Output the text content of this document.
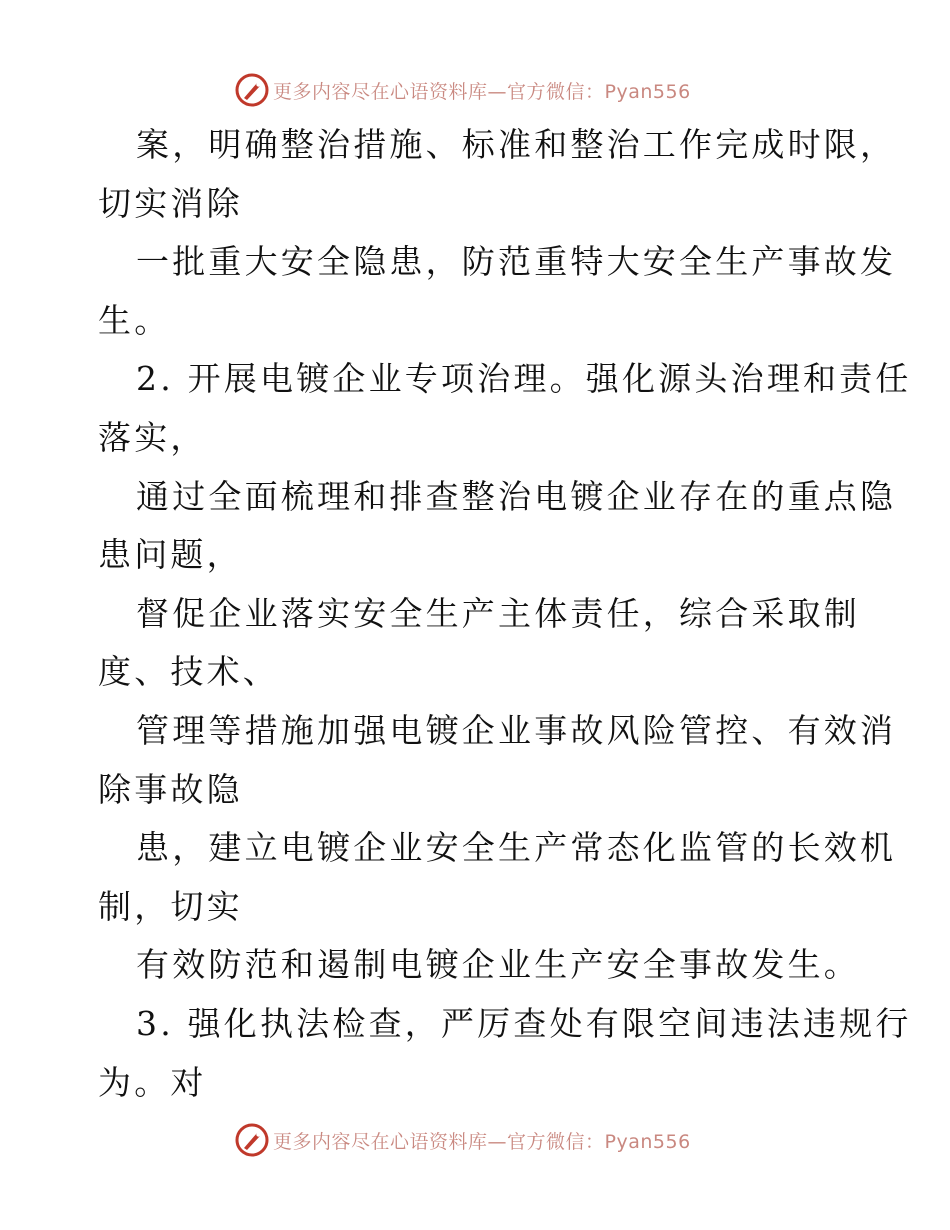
更多内容尽在心语资料库—官方微信：Pyan556
案，明确整治措施、标准和整治工作完成时限，
切实消除
一批重大安全隐患，防范重特大安全生产事故发
生。
2. 开展电镀企业专项治理。强化源头治理和责任
落实，
通过全面梳理和排查整治电镀企业存在的重点隐
患问题，
督促企业落实安全生产主体责任，综合采取制
度、技术、
管理等措施加强电镀企业事故风险管控、有效消
除事故隐
患，建立电镀企业安全生产常态化监管的长效机
制，切实
有效防范和遏制电镀企业生产安全事故发生。
3. 强化执法检查，严厉查处有限空间违法违规行
为。对
更多内容尽在心语资料库—官方微信：Pyan556
